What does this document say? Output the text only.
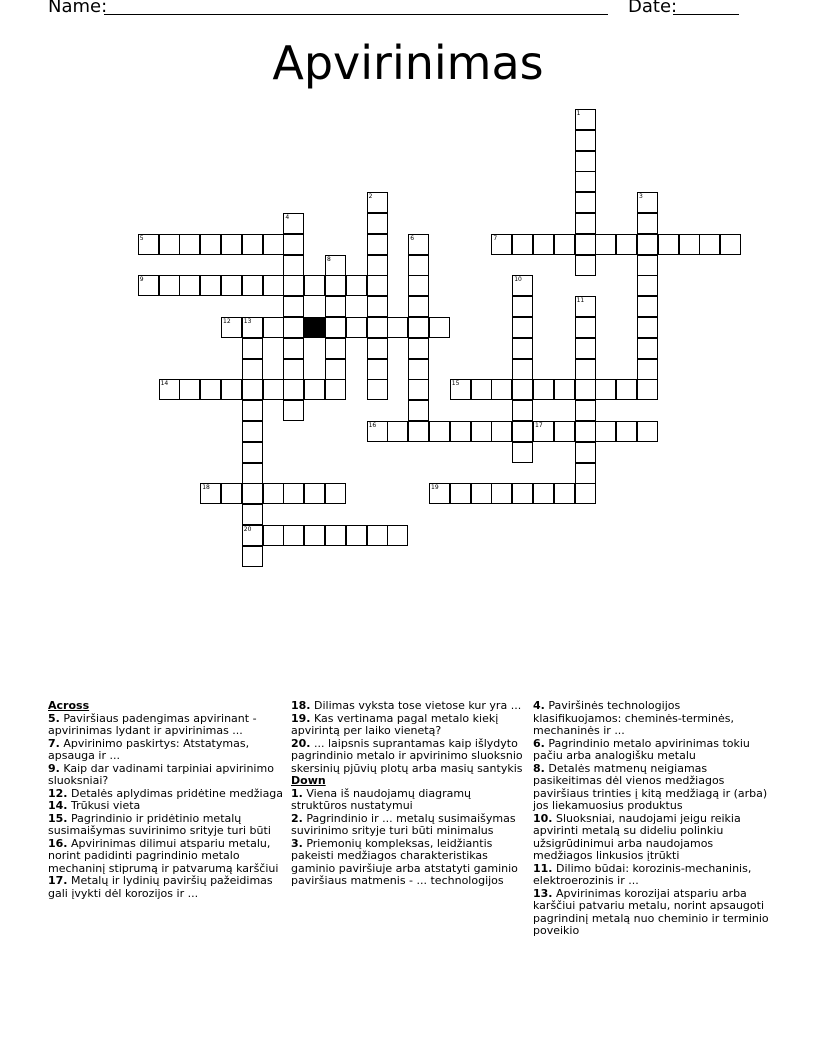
Name:	Date:
Apvirinimas
1
2	3
4
5	6	7
8
9	10
11
12 13
20
14	15
16	17
18	19
Across
5. Paviršiaus padengimas apvirinant - apvirinimas lydant ir apvirinimas ...
7. Apvirinimo paskirtys: Atstatymas, apsauga ir ...
9. Kaip dar vadinami tarpiniai apvirinimo sluoksniai?
12. Detalės aplydimas pridėtine medžiaga
14. Trūkusi vieta
15. Pagrindinio ir pridėtinio metalų susimaišymas suvirinimo srityje turi būti
16. Apvirinimas dilimui atspariu metalu, norint padidinti pagrindinio metalo mechaninį stiprumą ir patvarumą karščiui
17. Metalų ir lydinių paviršių pažeidimas gali įvykti dėl korozijos ir ...
18. Dilimas vyksta tose vietose kur yra ...
19. Kas vertinama pagal metalo kiekį apvirintą per laiko vienetą?
20. ... laipsnis suprantamas kaip išlydyto pagrindinio metalo ir apvirinimo sluoksnio skersinių pjūvių plotų arba masių santykis
Down
1. Viena iš naudojamų diagramų struktūros nustatymui
2. Pagrindinio ir ... metalų susimaišymas suvirinimo srityje turi būti minimalus
3. Priemonių kompleksas, leidžiantis pakeisti medžiagos charakteristikas gaminio paviršiuje arba atstatyti gaminio paviršiaus matmenis - ... technologijos
4. Paviršinės technologijos klasifikuojamos: cheminės-terminės, mechaninės ir ...
6. Pagrindinio metalo apvirinimas tokiu pačiu arba analogišku metalu
8. Detalės matmenų neigiamas pasikeitimas dėl vienos medžiagos paviršiaus trinties į kitą medžiagą ir (arba) jos liekamuosius produktus
10. Sluoksniai, naudojami jeigu reikia apvirinti metalą su dideliu polinkiu užsigrūdinimui arba naudojamos medžiagos linkusios įtrūkti
11. Dilimo būdai: korozinis-mechaninis, elektroerozinis ir ...
13. Apvirinimas korozijai atspariu arba karščiui patvariu metalu, norint apsaugoti pagrindinį metalą nuo cheminio ir terminio poveikio
